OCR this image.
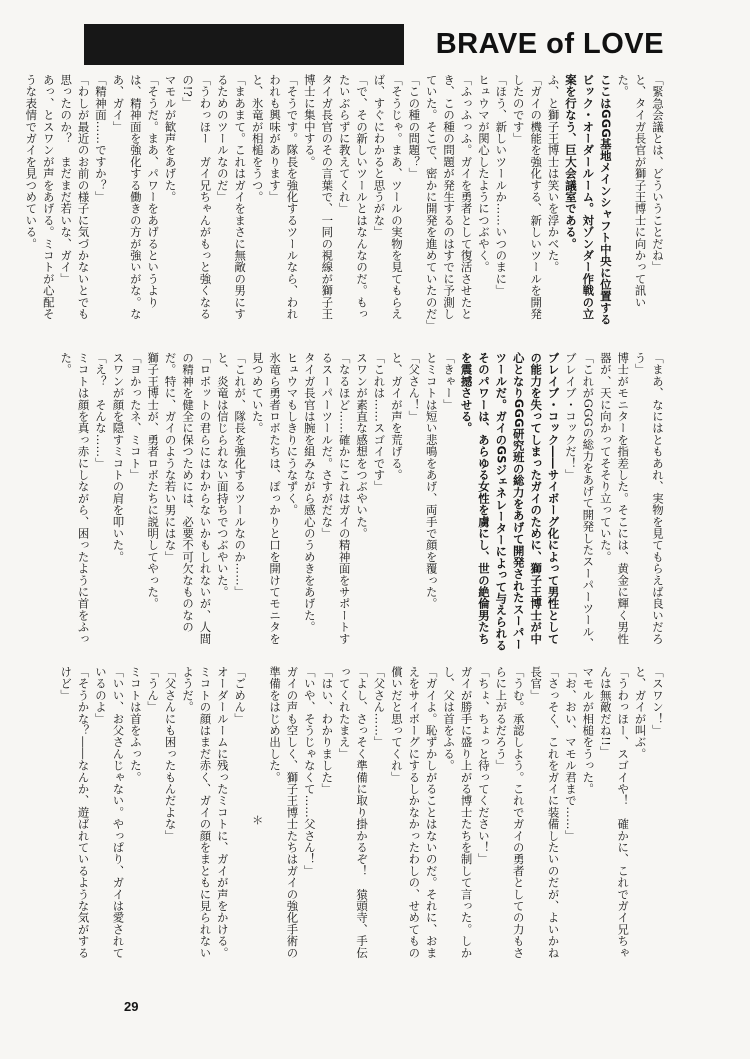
BRAVE of LOVE
「緊急会議とは、どういうことだね」
と、タイガ長官が獅子王博士に向かって訊いた。
ここはGGG基地メインシャフト中央に位置するビック・オーダールーム。対ゾンダー作戦の立案を行なう、巨大会議室である。
ふ、と獅子王博士は笑いを浮かべた。
「ガイの機能を強化する、新しいツールを開発したのです」
「ほう、新しいツールか……いつのまに」
ヒュウマが関心したようにつぶやく。
「ふっふっふ。ガイを勇者として復活させたとき、この種の問題が発生するのはすでに予測していた。そこで、密かに開発を進めていたのだ」
「この種の問題？」
「そうじゃ。まあ、ツールの実物を見てもらえば、すぐにわかると思うがな」
「で、その新しいツールとはなんなのだ。もったいぶらずに教えてくれ」
タイガ長官のその言葉で、一同の視線が獅子王博士に集中する。
「そうです。隊長を強化するツールなら、われわれも興味があります」
と、氷竜が相槌をうつ。
「まあまて。これはガイをまさに無敵の男にするためのツールなのだ」
「うわっほー　ガイ兄ちゃんがもっと強くなるの!?」
マモルが歓声をあげた。
「そうだ。まあ、パワーをあげるというよりは、精神面を強化する働きの方が強いがな。なあ、ガイ」
「精神面……ですか？」
「わしが最近のお前の様子に気づかないとでも思ったのか？　まだまだ若いな、ガイ」
あっ、とスワンが声をあげる。ミコトが心配そうな表情でガイを見つめている。
「まあ、なにはともあれ、実物を見てもらえば良いだろう」
博士がモニターを指差した。そこには、黄金に輝く男性器が、天に向かってそそり立っていた。
「これがGGGの総力をあげて開発したスーパーツール、ブレイブ・コックだ！」
ブレイブ・コック――サイボーグ化によって男性としての能力を失ってしまったガイのために、獅子王博士が中心となりGGG研究班の総力をあげて開発されたスーパーツールだ。ガイのGSジェネレーターによって与えられるそのパワーは、あらゆる女性を虜にし、世の絶倫男たちを震撼させる。
「きゃー」
とミコトは短い悲鳴をあげ、両手で顔を覆った。
「父さん！」
と、ガイが声を荒げる。
「これは……スゴイです」
スワンが素直な感想をつぶやいた。
「なるほど……確かにこれはガイの精神面をサポートするスーパーツールだ。さすがだな」
タイガ長官は腕を組みながら感心のうめきをあげた。
ヒュウマもしきりにうなずく。
氷竜ら勇者ロボたちは、ぽっかりと口を開けてモニタを見つめていた。
「これが、隊長を強化するツールなのか……」
と、炎竜は信じられない面持ちでつぶやいた。
「ロボットの君らにはわからないかもしれないが、人間の精神を健全に保つためには、必要不可欠なものなのだ。特に、ガイのような若い男にはな」
獅子王博士が、勇者ロボたちに説明してやった。
「ヨかったネ、ミコト」
スワンが顔を隠すミコトの肩を叩いた。
「え？　そんな……」
ミコトは顔を真っ赤にしながら、困ったように首をふった。
「スワン！」
と、ガイが叫ぶ。
「うわっほー、スゴイや！　確かに、これでガイ兄ちゃんは無敵だね!!」
マモルが相槌をうった。
「お、おい、マモル君まで……」
「さっそく、これをガイに装備したいのだが、よいかね長官」
「うむ。承認しよう。これでガイの勇者としての力もさらに上がるだろう」
「ちょ、ちょっと待ってください！」
ガイが勝手に盛り上がる博士たちを制して言った。しかし、父は首をふる。
「ガイよ。恥ずかしがることはないのだ。それに、おまえをサイボーグにするしかなかったわしの、せめてもの償いだと思ってくれ」
「父さん……」
「よし、さっそく準備に取り掛かるぞ！　猿頭寺、手伝ってくれたまえ」
「はい、わかりました」
「いや、そうじゃなくて……父さん！」
ガイの声も空しく、獅子王博士たちはガイの強化手術の準備をはじめ出した。
＊
「ごめん」
オーダールームに残ったミコトに、ガイが声をかける。ミコトの顔はまだ赤く、ガイの顔をまともに見られないようだ。
「父さんにも困ったもんだよな」
「うん」
ミコトは首をふった。
「いい、お父さんじゃない。やっぱり、ガイは愛されているのよ」
「そうかな？――なんか、遊ばれているような気がするけど」
29
